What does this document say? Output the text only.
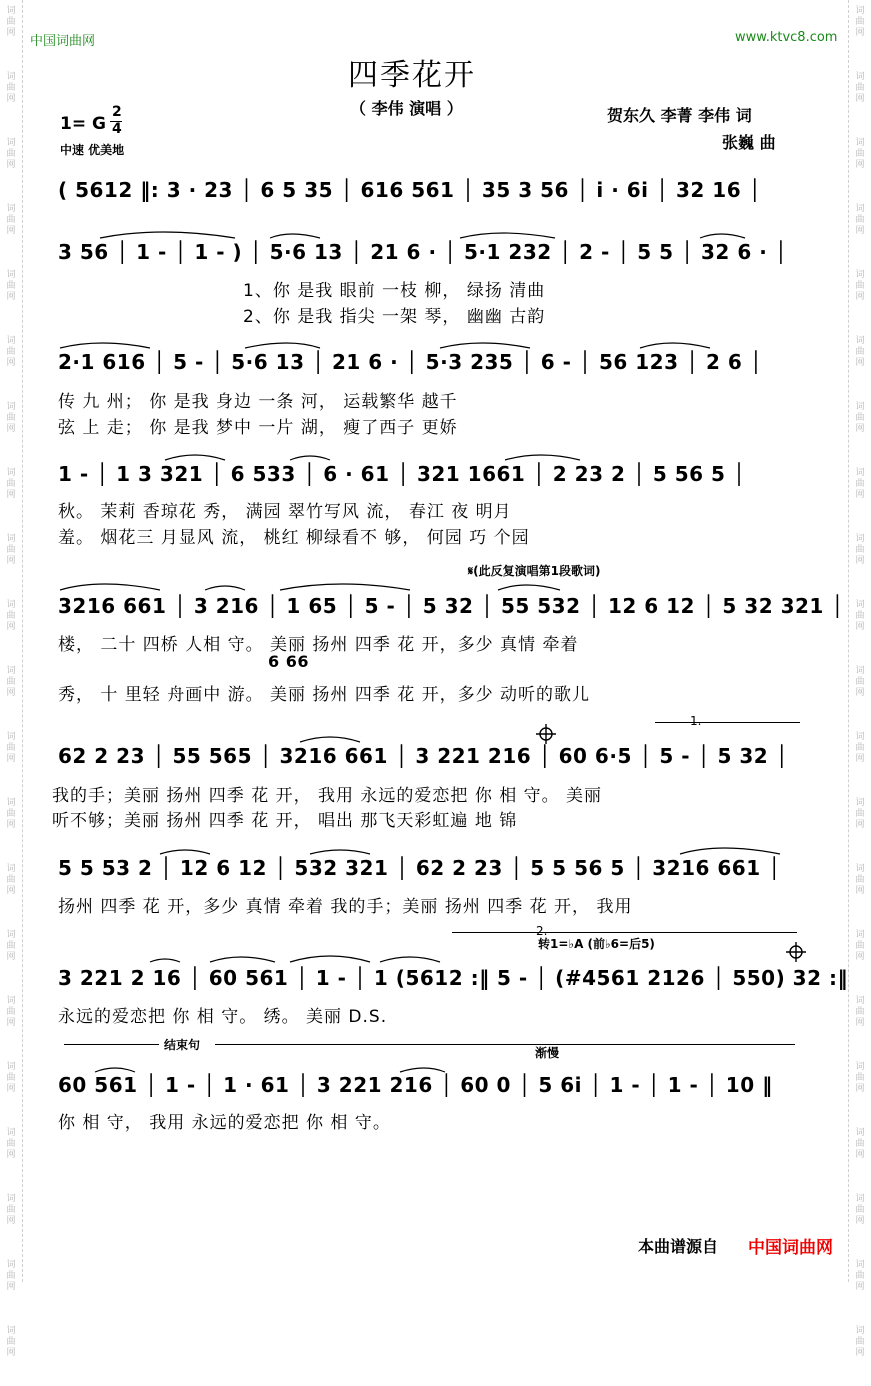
词
曲
网
词
曲
网
词
曲
网
词
曲
网
词
曲
网
词
曲
网
词
曲
网
词
曲
网
词
曲
网
词
曲
网
词
曲
网
词
曲
网
词
曲
网
词
曲
网
词
曲
网
词
曲
网
词
曲
网
词
曲
网
词
曲
网
词
曲
网
词
曲
网
词
曲
网
词
曲
网
词
曲
网
词
曲
网
词
曲
网
词
曲
网
词
曲
网
词
曲
网
词
曲
网
词
曲
网
词
曲
网
词
曲
网
词
曲
网
词
曲
网
词
曲
网
词
曲
网
词
曲
网
词
曲
网
词
曲
网
词
曲
网
词
曲
网
中国词曲网	www.ktvc8.com
四季花开
（ 李伟 演唱 ）	贺东久 李菁 李伟 词
张巍 曲
1= G
2
4
中速 优美地
( 5612 ‖: 3 · 23 │ 6 5 35 │ 616 561 │ 35 3 56 │ i · 6i │ 32 16 │
3 56 │ 1 - │ 1 - ) │ 5·6 13 │ 21 6 · │ 5·1 232 │ 2 - │ 5 5 │ 32 6 · │
1、你 是我 眼前 一枝 柳， 绿扬 清曲
2、你 是我 指尖 一架 琴， 幽幽 古韵
2·1 616 │ 5 - │ 5·6 13 │ 21 6 · │ 5·3 235 │ 6 - │ 56 123 │ 2 6 │
传 九 州； 你 是我 身边 一条 河， 运载繁华 越千
弦 上 走； 你 是我 梦中 一片 湖， 瘦了西子 更娇
1 - │ 1 3 321 │ 6 533 │ 6 · 61 │ 321 1661 │ 2 23 2 │ 5 56 5 │
秋。 茉莉 香琼花 秀， 满园 翠竹写风 流， 春江 夜 明月
羞。 烟花三 月显风 流， 桃红 柳绿看不 够， 何园 巧 个园
𝄋(此反复演唱第1段歌词)
3216 661 │ 3 216 │ 1 65 │ 5 - │ 5 32 │ 55 532 │ 12 6 12 │ 5 32 321 │
楼， 二十 四桥 人相 守。 美丽 扬州 四季 花 开，多少 真情 牵着
6 66
秀， 十 里轻 舟画中 游。 美丽 扬州 四季 花 开，多少 动听的歌儿
1.
62 2 23 │ 55 565 │ 3216 661 │ 3 221 216 │ 60 6·5 │ 5 - │ 5 32 │
我的手；美丽 扬州 四季 花 开， 我用 永远的爱恋把 你 相 守。 美丽
听不够；美丽 扬州 四季 花 开， 唱出 那飞天彩虹遍 地 锦
5 5 53 2 │ 12 6 12 │ 532 321 │ 62 2 23 │ 5 5 56 5 │ 3216 661 │
扬州 四季 花 开，多少 真情 牵着 我的手；美丽 扬州 四季 花 开， 我用
2.
转1=♭A (前♭6=后5)
3 221 2 16 │ 60 561 │ 1 - │ 1 (5612 :‖ 5 - │ (#4561 2126 │ 550) 32 :‖
永远的爱恋把 你 相 守。 绣。 美丽 D.S.
结束句
渐慢
60 561 │ 1 - │ 1 · 61 │ 3 221 216 │ 60 0 │ 5 6i │ 1 - │ 1 - │ 10 ‖
你 相 守， 我用 永远的爱恋把 你 相 守。
本曲谱源自 中国词曲网
